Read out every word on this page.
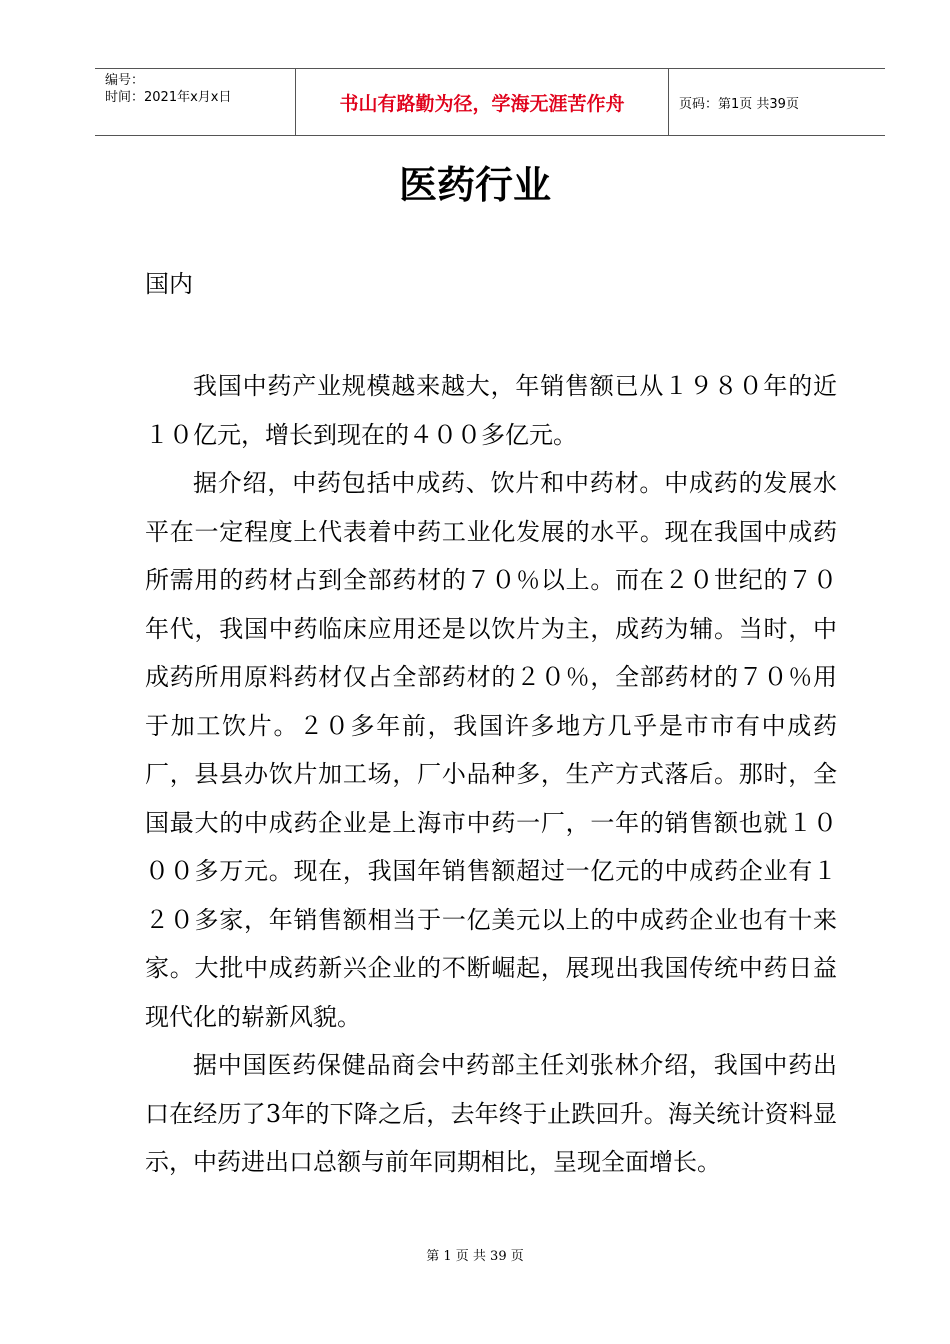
编号：
时间：2021年x月x日	书山有路勤为径，学海无涯苦作舟	页码：第1页 共39页
医药行业
国内

我国中药产业规模越来越大，年销售额已从１９８０年的近１０亿元，增长到现在的４００多亿元。

据介绍，中药包括中成药、饮片和中药材。中成药的发展水平在一定程度上代表着中药工业化发展的水平。现在我国中成药所需用的药材占到全部药材的７０％以上。而在２０世纪的７０年代，我国中药临床应用还是以饮片为主，成药为辅。当时，中成药所用原料药材仅占全部药材的２０％，全部药材的７０％用于加工饮片。２０多年前，我国许多地方几乎是市市有中成药厂，县县办饮片加工场，厂小品种多，生产方式落后。那时，全国最大的中成药企业是上海市中药一厂，一年的销售额也就１０００多万元。现在，我国年销售额超过一亿元的中成药企业有１２０多家，年销售额相当于一亿美元以上的中成药企业也有十来家。大批中成药新兴企业的不断崛起，展现出我国传统中药日益现代化的崭新风貌。

据中国医药保健品商会中药部主任刘张林介绍，我国中药出口在经历了3年的下降之后，去年终于止跌回升。海关统计资料显示，中药进出口总额与前年同期相比，呈现全面增长。

第 1 页 共 39 页
